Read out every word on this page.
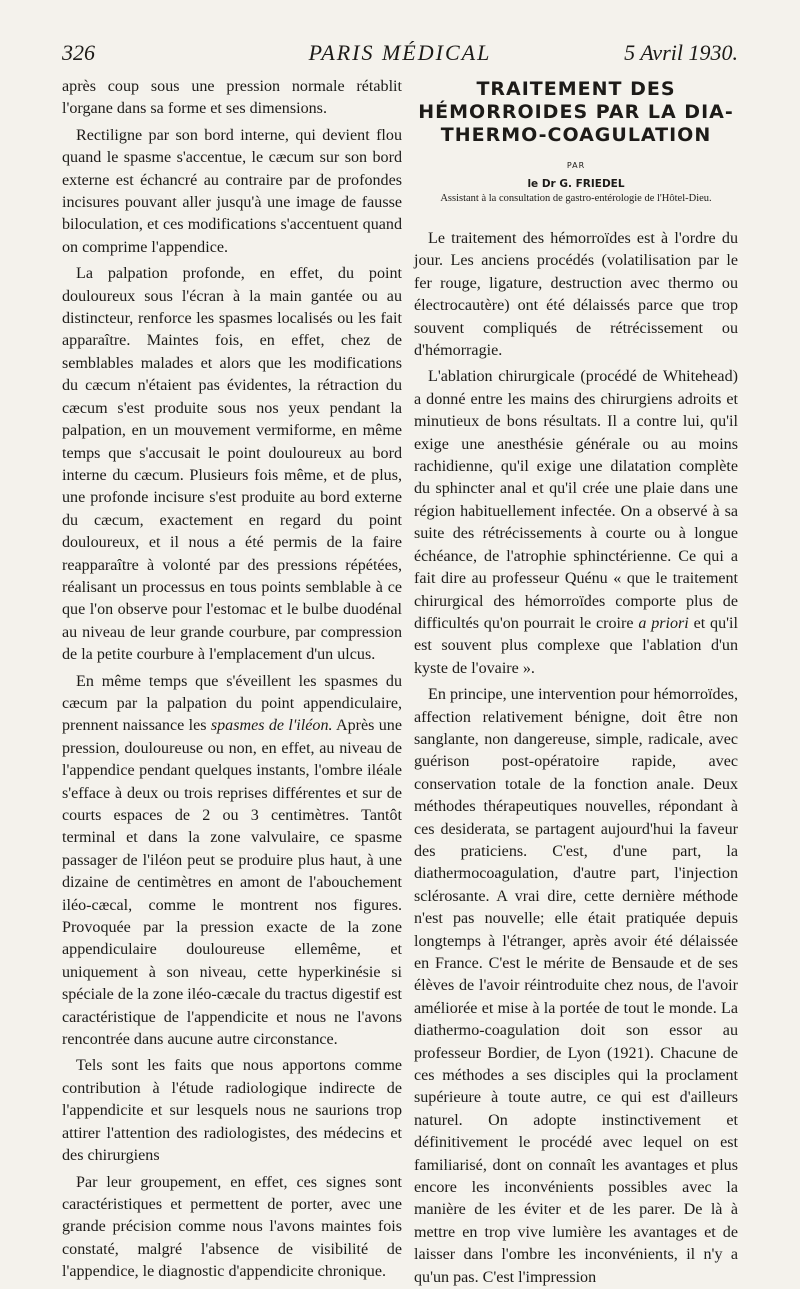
326	PARIS MÉDICAL	5 Avril 1930.

après coup sous une pression normale rétablit l'organe dans sa forme et ses dimensions.

Rectiligne par son bord interne, qui devient flou quand le spasme s'accentue, le cæcum sur son bord externe est échancré au contraire par de profondes incisures pouvant aller jusqu'à une image de fausse biloculation, et ces modifications s'accentuent quand on comprime l'appendice.

La palpation profonde, en effet, du point douloureux sous l'écran à la main gantée ou au distincteur, renforce les spasmes localisés ou les fait apparaître. Maintes fois, en effet, chez de semblables malades et alors que les modifications du cæcum n'étaient pas évidentes, la rétraction du cæcum s'est produite sous nos yeux pendant la palpation, en un mouvement vermiforme, en même temps que s'accusait le point douloureux au bord interne du cæcum. Plusieurs fois même, et de plus, une profonde incisure s'est produite au bord externe du cæcum, exactement en regard du point douloureux, et il nous a été permis de la faire reapparaître à volonté par des pressions répétées, réalisant un processus en tous points semblable à ce que l'on observe pour l'estomac et le bulbe duodénal au niveau de leur grande courbure, par compression de la petite courbure à l'emplacement d'un ulcus.

En même temps que s'éveillent les spasmes du cæcum par la palpation du point appendiculaire, prennent naissance les spasmes de l'iléon. Après une pression, douloureuse ou non, en effet, au niveau de l'appendice pendant quelques instants, l'ombre iléale s'efface à deux ou trois reprises différentes et sur de courts espaces de 2 ou 3 centimètres. Tantôt terminal et dans la zone valvulaire, ce spasme passager de l'iléon peut se produire plus haut, à une dizaine de centimètres en amont de l'abouchement iléo-cæcal, comme le montrent nos figures. Provoquée par la pression exacte de la zone appendiculaire douloureuse ellemême, et uniquement à son niveau, cette hyperkinésie si spéciale de la zone iléo-cæcale du tractus digestif est caractéristique de l'appendicite et nous ne l'avons rencontrée dans aucune autre circonstance.

Tels sont les faits que nous apportons comme contribution à l'étude radiologique indirecte de l'appendicite et sur lesquels nous ne saurions trop attirer l'attention des radiologistes, des médecins et des chirurgiens

Par leur groupement, en effet, ces signes sont caractéristiques et permettent de porter, avec une grande précision comme nous l'avons maintes fois constaté, malgré l'absence de visibilité de l'appendice, le diagnostic d'appendicite chronique.

TRAITEMENT DES

HÉMORROIDES PAR LA DIA-

THERMO-COAGULATION

PAR
le Dr G. FRIEDEL
Assistant à la consultation de gastro-entérologie de l'Hôtel-Dieu.

Le traitement des hémorroïdes est à l'ordre du jour. Les anciens procédés (volatilisation par le fer rouge, ligature, destruction avec thermo ou électrocautère) ont été délaissés parce que trop souvent compliqués de rétrécissement ou d'hémorragie.

L'ablation chirurgicale (procédé de Whitehead) a donné entre les mains des chirurgiens adroits et minutieux de bons résultats. Il a contre lui, qu'il exige une anesthésie générale ou au moins rachidienne, qu'il exige une dilatation complète du sphincter anal et qu'il crée une plaie dans une région habituellement infectée. On a observé à sa suite des rétrécissements à courte ou à longue échéance, de l'atrophie sphinctérienne. Ce qui a fait dire au professeur Quénu « que le traitement chirurgical des hémorroïdes comporte plus de difficultés qu'on pourrait le croire a priori et qu'il est souvent plus complexe que l'ablation d'un kyste de l'ovaire ».

En principe, une intervention pour hémorroïdes, affection relativement bénigne, doit être non sanglante, non dangereuse, simple, radicale, avec guérison post-opératoire rapide, avec conservation totale de la fonction anale. Deux méthodes thérapeutiques nouvelles, répondant à ces desiderata, se partagent aujourd'hui la faveur des praticiens. C'est, d'une part, la diathermocoagulation, d'autre part, l'injection sclérosante. A vrai dire, cette dernière méthode n'est pas nouvelle; elle était pratiquée depuis longtemps à l'étranger, après avoir été délaissée en France. C'est le mérite de Bensaude et de ses élèves de l'avoir réintroduite chez nous, de l'avoir améliorée et mise à la portée de tout le monde. La diathermo-coagulation doit son essor au professeur Bordier, de Lyon (1921). Chacune de ces méthodes a ses disciples qui la proclament supérieure à toute autre, ce qui est d'ailleurs naturel. On adopte instinctivement et définitivement le procédé avec lequel on est familiarisé, dont on connaît les avantages et plus encore les inconvénients possibles avec la manière de les éviter et de les parer. De là à mettre en trop vive lumière les avantages et de laisser dans l'ombre les inconvénients, il n'y a qu'un pas. C'est l'impression
